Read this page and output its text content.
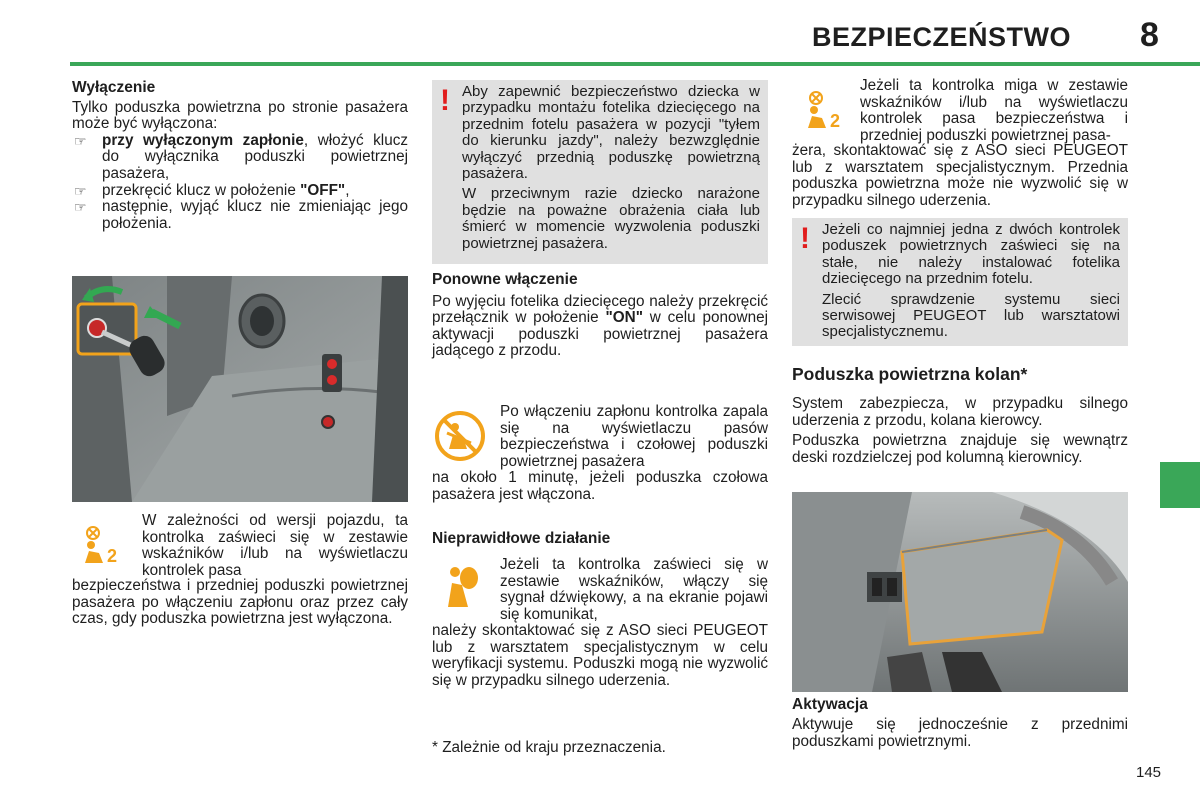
BEZPIECZEŃSTWO 8
Wyłączenie

Tylko poduszka powietrzna po stronie pasażera może być wyłączona:

☞ przy wyłączonym zapłonie, włożyć klucz do wyłącznika poduszki powietrznej pasażera,
☞ przekręcić klucz w położenie "OFF",
☞ następnie, wyjąć klucz nie zmieniając jego położenia.
2
W zależności od wersji pojazdu, ta kontrolka zaświeci się w zestawie wskaźników i/lub na wyświetlaczu kontrolek pasa
bezpieczeństwa i przedniej poduszki powietrznej pasażera po włączeniu zapłonu oraz przez cały czas, gdy poduszka powietrzna jest wyłączona.
! Aby zapewnić bezpieczeństwo dziecka w przypadku montażu fotelika dziecięcego na przednim fotelu pasażera w pozycji "tyłem do kierunku jazdy", należy bezwzględnie wyłączyć przednią poduszkę powietrzną pasażera.

W przeciwnym razie dziecko narażone będzie na poważne obrażenia ciała lub śmierć w momencie wyzwolenia poduszki powietrznej pasażera.

Ponowne włączenie

Po wyjęciu fotelika dziecięcego należy przekręcić przełącznik w położenie "ON" w celu ponownej aktywacji poduszki powietrznej pasażera jadącego z przodu.

Po włączeniu zapłonu kontrolka zapala się na wyświetlaczu pasów bezpieczeństwa i czołowej poduszki powietrznej pasażera
na około 1 minutę, jeżeli poduszka czołowa pasażera jest włączona.
Nieprawidłowe działanie
Jeżeli ta kontrolka zaświeci się w zestawie wskaźników, włączy się sygnał dźwiękowy, a na ekranie pojawi się komunikat,
należy skontaktować się z ASO sieci PEUGEOT lub z warsztatem specjalistycznym w celu weryfikacji systemu. Poduszki mogą nie wyzwolić się w przypadku silnego uderzenia.
* Zależnie od kraju przeznaczenia.
2
Jeżeli ta kontrolka miga w zestawie wskaźników i/lub na wyświetlaczu kontrolek pasa bezpieczeństwa i przedniej poduszki powietrznej pasa-
żera, skontaktować się z ASO sieci PEUGEOT lub z warsztatem specjalistycznym. Przednia poduszka powietrzna może nie wyzwolić się w przypadku silnego uderzenia.
! Jeżeli co najmniej jedna z dwóch kontrolek poduszek powietrznych zaświeci się na stałe, nie należy instalować fotelika dziecięcego na przednim fotelu.

Zlecić sprawdzenie systemu sieci serwisowej PEUGEOT lub warsztatowi specjalistycznemu.

Poduszka powietrzna kolan*

System zabezpiecza, w przypadku silnego uderzenia z przodu, kolana kierowcy.

Poduszka powietrzna znajduje się wewnątrz deski rozdzielczej pod kolumną kierownicy.

Aktywacja
Aktywuje się jednocześnie z przednimi poduszkami powietrznymi.
145
